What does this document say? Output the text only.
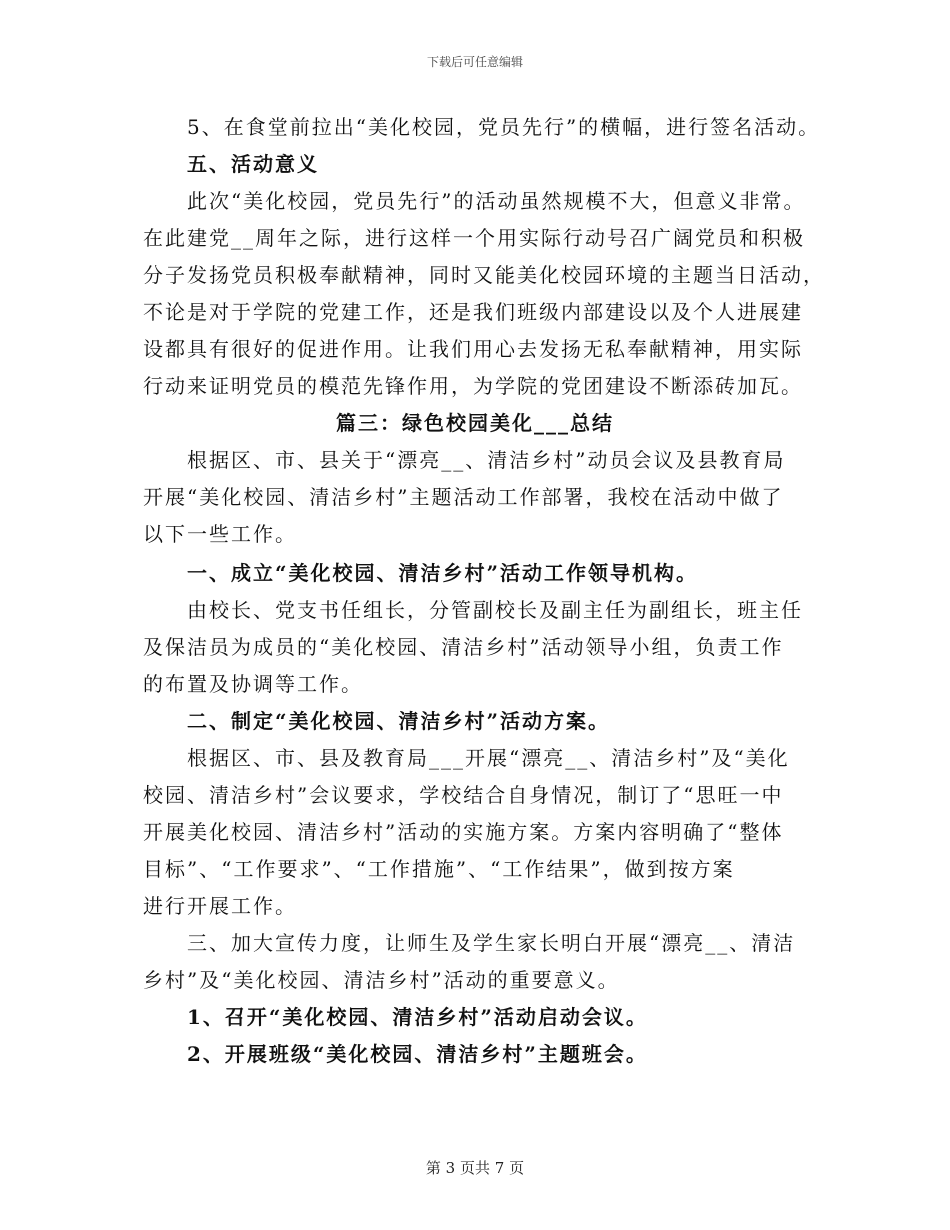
下载后可任意编辑
5、在食堂前拉出“美化校园，党员先行”的横幅，进行签名活动。
五、活动意义
此次“美化校园，党员先行”的活动虽然规模不大，但意义非常。
在此建党__周年之际，进行这样一个用实际行动号召广阔党员和积极
分子发扬党员积极奉献精神，同时又能美化校园环境的主题当日活动，
不论是对于学院的党建工作，还是我们班级内部建设以及个人进展建
设都具有很好的促进作用。让我们用心去发扬无私奉献精神，用实际
行动来证明党员的模范先锋作用，为学院的党团建设不断添砖加瓦。
篇三：绿色校园美化___总结
根据区、市、县关于“漂亮__、清洁乡村”动员会议及县教育局
开展“美化校园、清洁乡村”主题活动工作部署，我校在活动中做了
以下一些工作。
一、成立“美化校园、清洁乡村”活动工作领导机构。
由校长、党支书任组长，分管副校长及副主任为副组长，班主任
及保洁员为成员的“美化校园、清洁乡村”活动领导小组，负责工作
的布置及协调等工作。
二、制定“美化校园、清洁乡村”活动方案。
根据区、市、县及教育局___开展“漂亮__、清洁乡村”及“美化
校园、清洁乡村”会议要求，学校结合自身情况，制订了“思旺一中
开展美化校园、清洁乡村”活动的实施方案。方案内容明确了“整体
目标”、“工作要求”、“工作措施”、“工作结果”，做到按方案
进行开展工作。
三、加大宣传力度，让师生及学生家长明白开展“漂亮__、清洁
乡村”及“美化校园、清洁乡村”活动的重要意义。
1、召开“美化校园、清洁乡村”活动启动会议。
2、开展班级“美化校园、清洁乡村”主题班会。
第 3 页共 7 页
